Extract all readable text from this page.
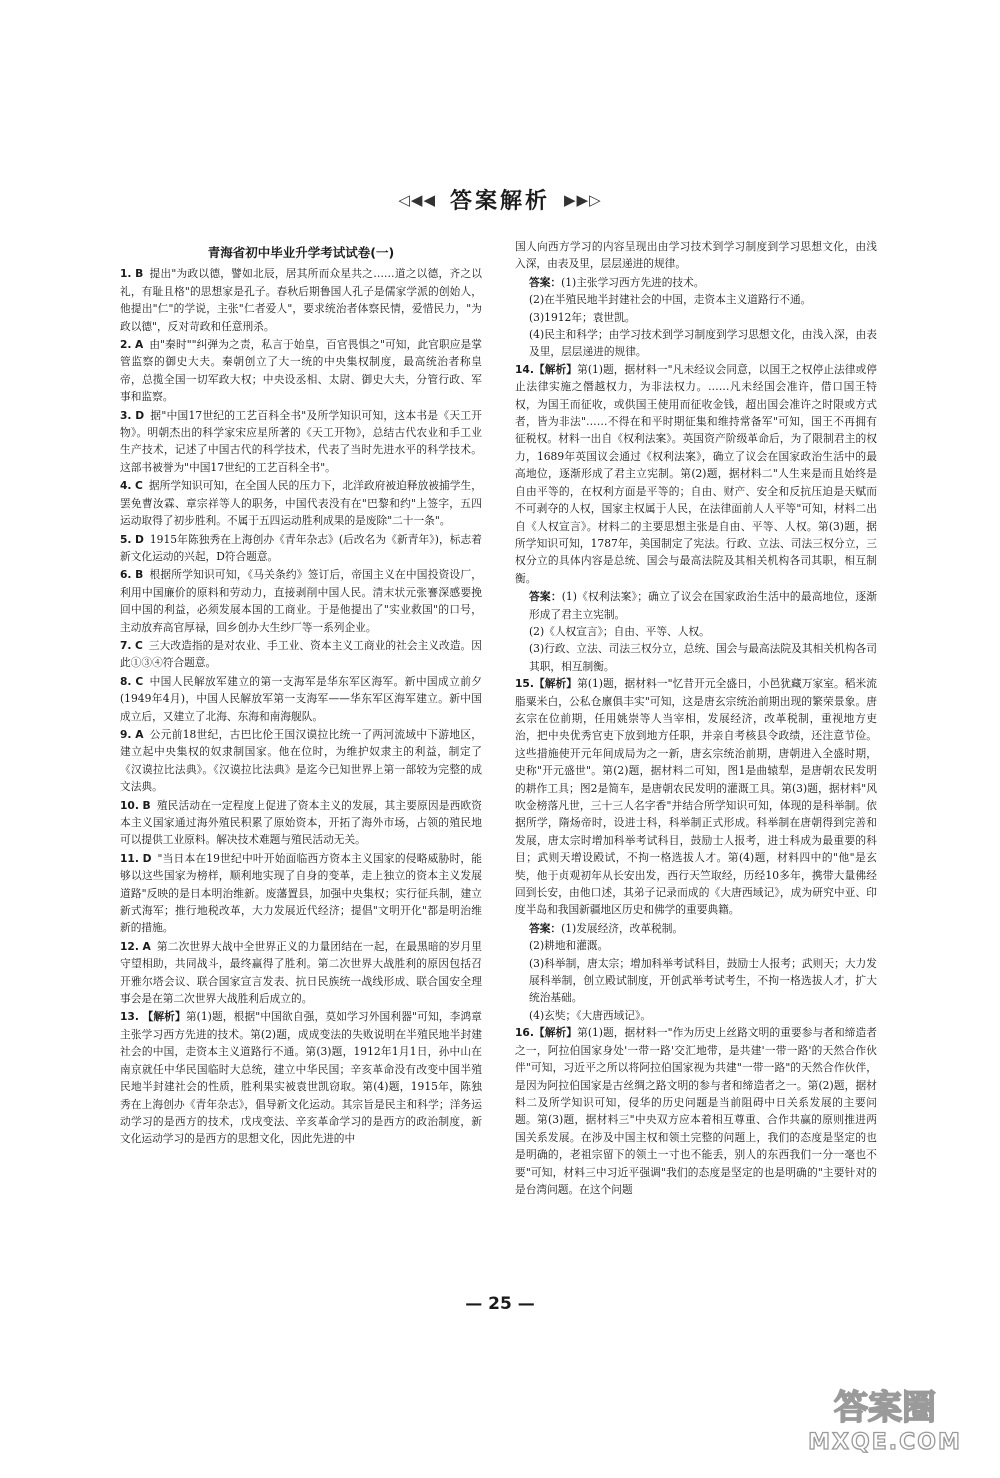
◁◀◀ 答案解析 ▶▶▷
青海省初中毕业升学考试试卷(一)
1. B 提出"为政以德，譬如北辰，居其所而众星共之……道之以德，齐之以礼，有耻且格"的思想家是孔子。春秋后期鲁国人孔子是儒家学派的创始人，他提出"仁"的学说，主张"仁者爱人"，要求统治者体察民情，爱惜民力，"为政以德"，反对苛政和任意刑杀。
2. A 由"秦时""纠弹为之责，私言于始皇，百官畏惧之"可知，此官职应是掌管监察的御史大夫。秦朝创立了大一统的中央集权制度，最高统治者称皇帝，总揽全国一切军政大权；中央设丞相、太尉、御史大夫，分管行政、军事和监察。
3. D 据"中国17世纪的工艺百科全书"及所学知识可知，这本书是《天工开物》。明朝杰出的科学家宋应星所著的《天工开物》，总结古代农业和手工业生产技术，记述了中国古代的科学技术，代表了当时先进水平的科学技术。这部书被誉为"中国17世纪的工艺百科全书"。
4. C 据所学知识可知，在全国人民的压力下，北洋政府被迫释放被捕学生，罢免曹汝霖、章宗祥等人的职务，中国代表没有在"巴黎和约"上签字，五四运动取得了初步胜利。不属于五四运动胜利成果的是废除"二十一条"。
5. D 1915年陈独秀在上海创办《青年杂志》(后改名为《新青年》)，标志着新文化运动的兴起，D符合题意。
6. B 根据所学知识可知，《马关条约》签订后，帝国主义在中国投资设厂，利用中国廉价的原料和劳动力，直接剥削中国人民。清末状元张謇深感要挽回中国的利益，必须发展本国的工商业。于是他提出了"实业救国"的口号，主动放弃高官厚禄，回乡创办大生纱厂等一系列企业。
7. C 三大改造指的是对农业、手工业、资本主义工商业的社会主义改造。因此①③④符合题意。
8. C 中国人民解放军建立的第一支海军是华东军区海军。新中国成立前夕(1949年4月)，中国人民解放军第一支海军——华东军区海军建立。新中国成立后，又建立了北海、东海和南海舰队。
9. A 公元前18世纪，古巴比伦王国汉谟拉比统一了两河流域中下游地区，建立起中央集权的奴隶制国家。他在位时，为维护奴隶主的利益，制定了《汉谟拉比法典》。《汉谟拉比法典》是迄今已知世界上第一部较为完整的成文法典。
10. B 殖民活动在一定程度上促进了资本主义的发展，其主要原因是西欧资本主义国家通过海外殖民积累了原始资本，开拓了海外市场，占领的殖民地可以提供工业原料。解决技术难题与殖民活动无关。
11. D "当日本在19世纪中叶开始面临西方资本主义国家的侵略威胁时，能够以这些国家为榜样，顺利地实现了自身的变革，走上独立的资本主义发展道路"反映的是日本明治维新。废藩置县，加强中央集权；实行征兵制，建立新式海军；推行地税改革，大力发展近代经济；提倡"文明开化"都是明治维新的措施。
12. A 第二次世界大战中全世界正义的力量团结在一起，在最黑暗的岁月里守望相助，共同战斗，最终赢得了胜利。第二次世界大战胜利的原因包括召开雅尔塔会议、联合国家宣言发表、抗日民族统一战线形成、联合国安全理事会是在第二次世界大战胜利后成立的。
13. 【解析】第(1)题，根据"中国欲自强，莫如学习外国利器"可知，李鸿章主张学习西方先进的技术。第(2)题，成成变法的失败说明在半殖民地半封建社会的中国，走资本主义道路行不通。第(3)题，1912年1月1日，孙中山在南京就任中华民国临时大总统，建立中华民国；辛亥革命没有改变中国半殖民地半封建社会的性质，胜利果实被袁世凯窃取。第(4)题，1915年，陈独秀在上海创办《青年杂志》，倡导新文化运动。其宗旨是民主和科学；洋务运动学习的是西方的技术，戊戌变法、辛亥革命学习的是西方的政治制度，新文化运动学习的是西方的思想文化，因此先进的中
国人向西方学习的内容呈现出由学习技术到学习制度到学习思想文化，由浅入深，由表及里，层层递进的规律。
答案：(1)主张学习西方先进的技术。
(2)在半殖民地半封建社会的中国，走资本主义道路行不通。
(3)1912年；袁世凯。
(4)民主和科学；由学习技术到学习制度到学习思想文化，由浅入深，由表及里，层层递进的规律。
14.【解析】第(1)题，据材料一"凡未经议会同意，以国王之权停止法律或停止法律实施之僭越权力，为非法权力。……凡未经国会准许，借口国王特权，为国王而征收，或供国王使用而征收金钱，超出国会准许之时限或方式者，皆为非法"……不得在和平时期征集和维持常备军"可知，国王不再拥有征税权。材料一出自《权利法案》。英国资产阶级革命后，为了限制君主的权力，1689年英国议会通过《权利法案》，确立了议会在国家政治生活中的最高地位，逐渐形成了君主立宪制。第(2)题，据材料二"人生来是而且始终是自由平等的，在权利方面是平等的；自由、财产、安全和反抗压迫是天赋而不可剥夺的人权，国家主权属于人民，在法律面前人人平等"可知，材料二出自《人权宣言》。材料二的主要思想主张是自由、平等、人权。第(3)题，据所学知识可知，1787年，美国制定了宪法。行政、立法、司法三权分立，三权分立的具体内容是总统、国会与最高法院及其相关机构各司其职，相互制衡。
答案：(1)《权利法案》；确立了议会在国家政治生活中的最高地位，逐渐形成了君主立宪制。
(2)《人权宣言》；自由、平等、人权。
(3)行政、立法、司法三权分立，总统、国会与最高法院及其相关机构各司其职，相互制衡。
15.【解析】第(1)题，据材料一"忆昔开元全盛日，小邑犹藏万家室。稻米流脂粟米白，公私仓廪俱丰实"可知，这是唐玄宗统治前期出现的繁荣景象。唐玄宗在位前期，任用姚崇等人当宰相，发展经济，改革税制，重视地方吏治，把中央优秀官吏下放到地方任职，并亲自考核县令政绩，还注意节俭。这些措施使开元年间成局为之一新，唐玄宗统治前期，唐朝进入全盛时期，史称"开元盛世"。第(2)题，据材料二可知，图1是曲辕犁，是唐朝农民发明的耕作工具；图2是简车，是唐朝农民发明的灌溉工具。第(3)题，据材料"风吹金榜落凡世，三十三人名字香"并结合所学知识可知，体现的是科举制。依据所学，隋炀帝时，设进士科，科举制正式形成。科举制在唐朝得到完善和发展，唐太宗时增加科举考试科目，鼓励士人报考，进士科成为最重要的科目；武则天增设殿试，不拘一格选拔人才。第(4)题，材料四中的"他"是玄奘，他于贞观初年从长安出发，西行天竺取经，历经10多年，携带大量佛经回到长安，由他口述，其弟子记录而成的《大唐西域记》，成为研究中亚、印度半岛和我国新疆地区历史和佛学的重要典籍。
答案：(1)发展经济，改革税制。
(2)耕地和灌溉。
(3)科举制，唐太宗；增加科举考试科目，鼓励士人报考；武则天；大力发展科举制，创立殿试制度，开创武举考试考生，不拘一格选拔人才，扩大统治基础。
(4)玄奘；《大唐西域记》。
16.【解析】第(1)题，据材料一"作为历史上丝路文明的重要参与者和缔造者之一，阿拉伯国家身处'一带一路'交汇地带，是共建'一带一路'的天然合作伙伴"可知，习近平之所以将阿拉伯国家视为共建"一带一路"的天然合作伙伴，是因为阿拉伯国家是古丝绸之路文明的参与者和缔造者之一。第(2)题，据材料二及所学知识可知，侵华的历史问题是当前阻碍中日关系发展的主要问题。第(3)题，据材料三"中央双方应本着相互尊重、合作共赢的原则推进两国关系发展。在涉及中国主权和领土完整的问题上，我们的态度是坚定的也是明确的，老祖宗留下的领土一寸也不能丢，别人的东西我们一分一毫也不要"可知，材料三中习近平强调"我们的态度是坚定的也是明确的"主要针对的是台湾问题。在这个问题
— 25 —
答案圈
MXQE.COM
